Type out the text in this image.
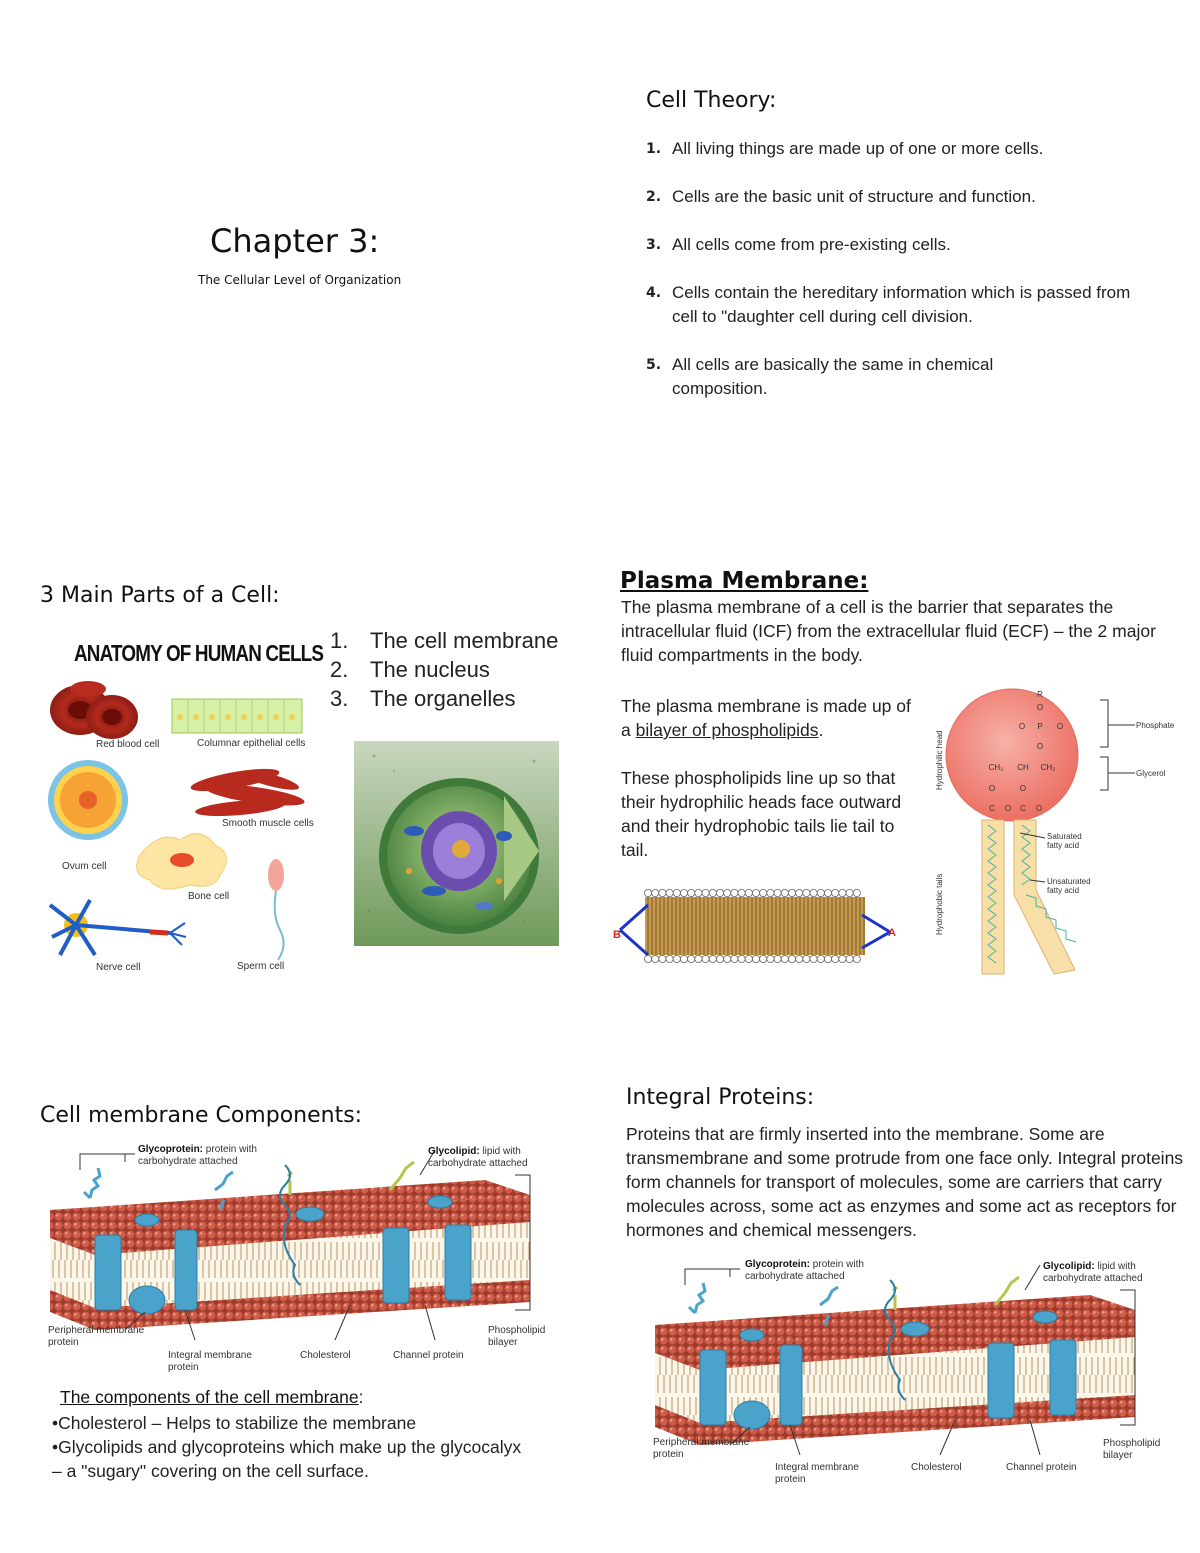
Chapter 3:
The Cellular Level of Organization
Cell Theory:
1. All living things are made up of one or more cells.
2. Cells are the basic unit of structure and function.
3. All cells come from pre-existing cells.
4. Cells contain the hereditary information which is passed from cell to "daughter cell during cell division.
5. All cells are basically the same in chemical composition.
3 Main Parts of a Cell:
ANATOMY OF HUMAN CELLS
Red blood cell	Columnar epithelial cells
Smooth muscle cells
Ovum cell
Bone cell
Nerve cell	Sperm cell
1. The cell membrane
2. The nucleus
3. The organelles
Plasma Membrane:
The plasma membrane of a cell is the barrier that separates the intracellular fluid (ICF) from the extracellular fluid (ECF) – the 2 major fluid compartments in the body.
The plasma membrane is made up of a bilayer of phospholipids.
These phospholipids line up so that their hydrophilic heads face outward and their hydrophobic tails lie tail to tail.
B	A
Hydrophilic head
Hydrophobic tails
R
O
O P O
O
CH₂ CH CH₂
O	O
C O C O
Phosphate
Glycerol
Saturated fatty acid
Unsaturated fatty acid
Cell membrane Components:
Glycoprotein: protein with carbohydrate attached
Glycolipid: lipid with carbohydrate attached
Peripheral membrane protein
Integral membrane protein
Cholesterol	Channel protein
Phospholipid bilayer
The components of the cell membrane:
•Cholesterol – Helps to stabilize the membrane
•Glycolipids and glycoproteins which make up the glycocalyx – a "sugary" covering on the cell surface.
Integral Proteins:
Proteins that are firmly inserted into the membrane. Some are transmembrane and some protrude from one face only. Integral proteins form channels for transport of molecules, some are carriers that carry molecules across, some act as enzymes and some act as receptors for hormones and chemical messengers.
Glycoprotein: protein with carbohydrate attached
Glycolipid: lipid with carbohydrate attached
Peripheral membrane protein
Integral membrane protein
Cholesterol	Channel protein
Phospholipid bilayer
